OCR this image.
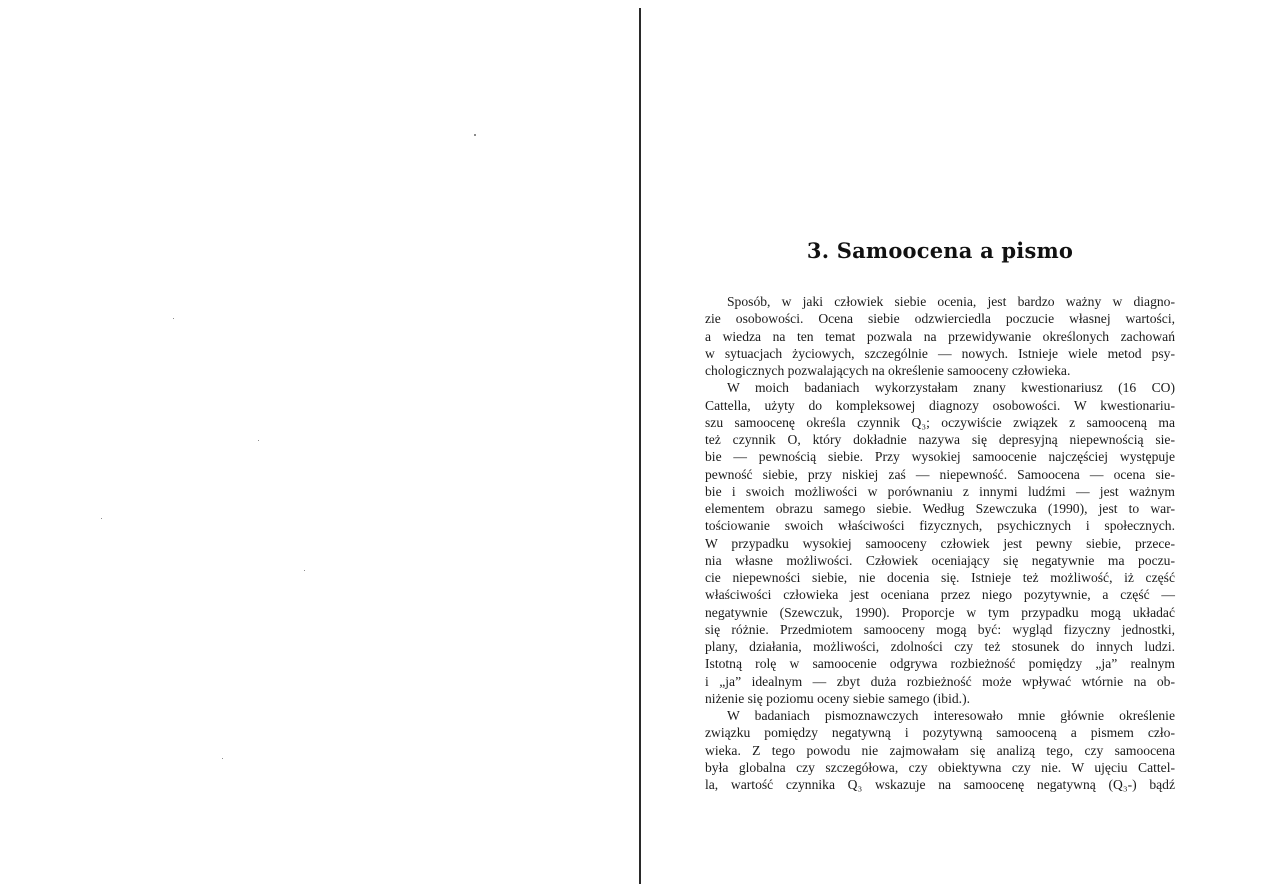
3. Samoocena a pismo
Sposób, w jaki człowiek siebie ocenia, jest bardzo ważny w diagno-
zie osobowości. Ocena siebie odzwierciedla poczucie własnej wartości,
a wiedza na ten temat pozwala na przewidywanie określonych zachowań
w sytuacjach życiowych, szczególnie — nowych. Istnieje wiele metod psy-
chologicznych pozwalających na określenie samooceny człowieka.
W moich badaniach wykorzystałam znany kwestionariusz (16 CO)
Cattella, użyty do kompleksowej diagnozy osobowości. W kwestionariu-
szu samoocenę określa czynnik Q₃; oczywiście związek z samooceną ma
też czynnik O, który dokładnie nazywa się depresyjną niepewnością sie-
bie — pewnością siebie. Przy wysokiej samoocenie najczęściej występuje
pewność siebie, przy niskiej zaś — niepewność. Samoocena — ocena sie-
bie i swoich możliwości w porównaniu z innymi ludźmi — jest ważnym
elementem obrazu samego siebie. Według Szewczuka (1990), jest to war-
tościowanie swoich właściwości fizycznych, psychicznych i społecznych.
W przypadku wysokiej samooceny człowiek jest pewny siebie, przece-
nia własne możliwości. Człowiek oceniający się negatywnie ma poczu-
cie niepewności siebie, nie docenia się. Istnieje też możliwość, iż część
właściwości człowieka jest oceniana przez niego pozytywnie, a część —
negatywnie (Szewczuk, 1990). Proporcje w tym przypadku mogą układać
się różnie. Przedmiotem samooceny mogą być: wygląd fizyczny jednostki,
plany, działania, możliwości, zdolności czy też stosunek do innych ludzi.
Istotną rolę w samoocenie odgrywa rozbieżność pomiędzy „ja” realnym
i „ja” idealnym — zbyt duża rozbieżność może wpływać wtórnie na ob-
niżenie się poziomu oceny siebie samego (ibid.).
W badaniach pismoznawczych interesowało mnie głównie określenie
związku pomiędzy negatywną i pozytywną samooceną a pismem czło-
wieka. Z tego powodu nie zajmowałam się analizą tego, czy samoocena
była globalna czy szczegółowa, czy obiektywna czy nie. W ujęciu Cattel-
la, wartość czynnika Q₃ wskazuje na samoocenę negatywną (Q₃-) bądź
